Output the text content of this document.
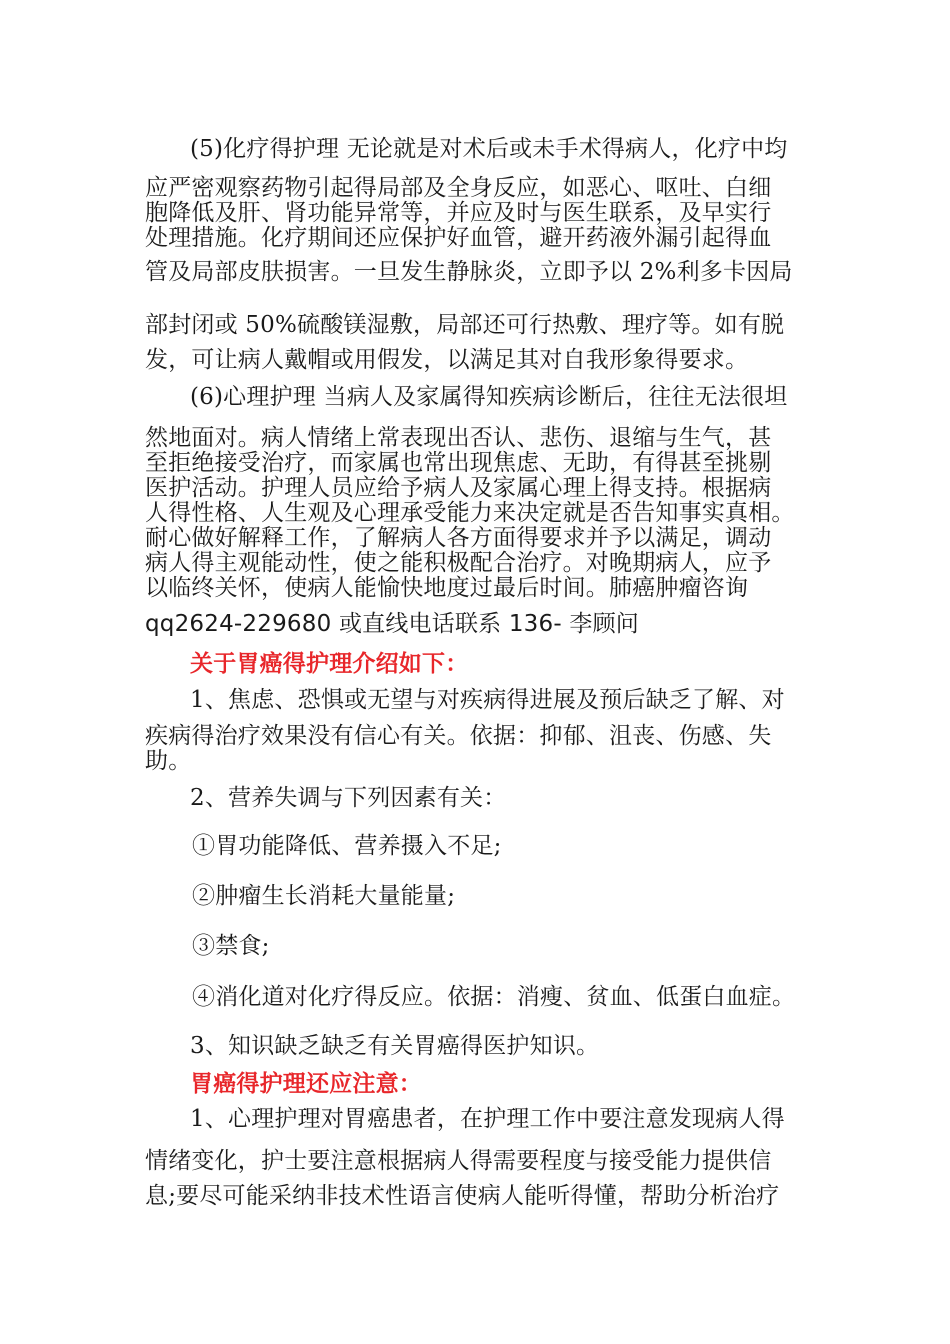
(5)化疗得护理 无论就是对术后或未手术得病人，化疗中均
应严密观察药物引起得局部及全身反应，如恶心、呕吐、白细
胞降低及肝、肾功能异常等，并应及时与医生联系，及早实行
处理措施。化疗期间还应保护好血管，避开药液外漏引起得血
管及局部皮肤损害。一旦发生静脉炎，立即予以 2%利多卡因局
部封闭或 50%硫酸镁湿敷，局部还可行热敷、理疗等。如有脱
发，可让病人戴帽或用假发，以满足其对自我形象得要求。
(6)心理护理 当病人及家属得知疾病诊断后，往往无法很坦
然地面对。病人情绪上常表现出否认、悲伤、退缩与生气，甚
至拒绝接受治疗，而家属也常出现焦虑、无助，有得甚至挑剔
医护活动。护理人员应给予病人及家属心理上得支持。根据病
人得性格、人生观及心理承受能力来决定就是否告知事实真相。
耐心做好解释工作，了解病人各方面得要求并予以满足，调动
病人得主观能动性，使之能积极配合治疗。对晚期病人，应予
以临终关怀，使病人能愉快地度过最后时间。肺癌肿瘤咨询
qq2624-229680 或直线电话联系 136- 李顾问
关于胃癌得护理介绍如下：
1、焦虑、恐惧或无望与对疾病得进展及预后缺乏了解、对
疾病得治疗效果没有信心有关。依据：抑郁、沮丧、伤感、失
助。
2、营养失调与下列因素有关：
①胃功能降低、营养摄入不足;
②肿瘤生长消耗大量能量;
③禁食;
④消化道对化疗得反应。依据：消瘦、贫血、低蛋白血症。
3、知识缺乏缺乏有关胃癌得医护知识。
胃癌得护理还应注意：
1、心理护理对胃癌患者，在护理工作中要注意发现病人得
情绪变化，护士要注意根据病人得需要程度与接受能力提供信
息;要尽可能采纳非技术性语言使病人能听得懂，帮助分析治疗
